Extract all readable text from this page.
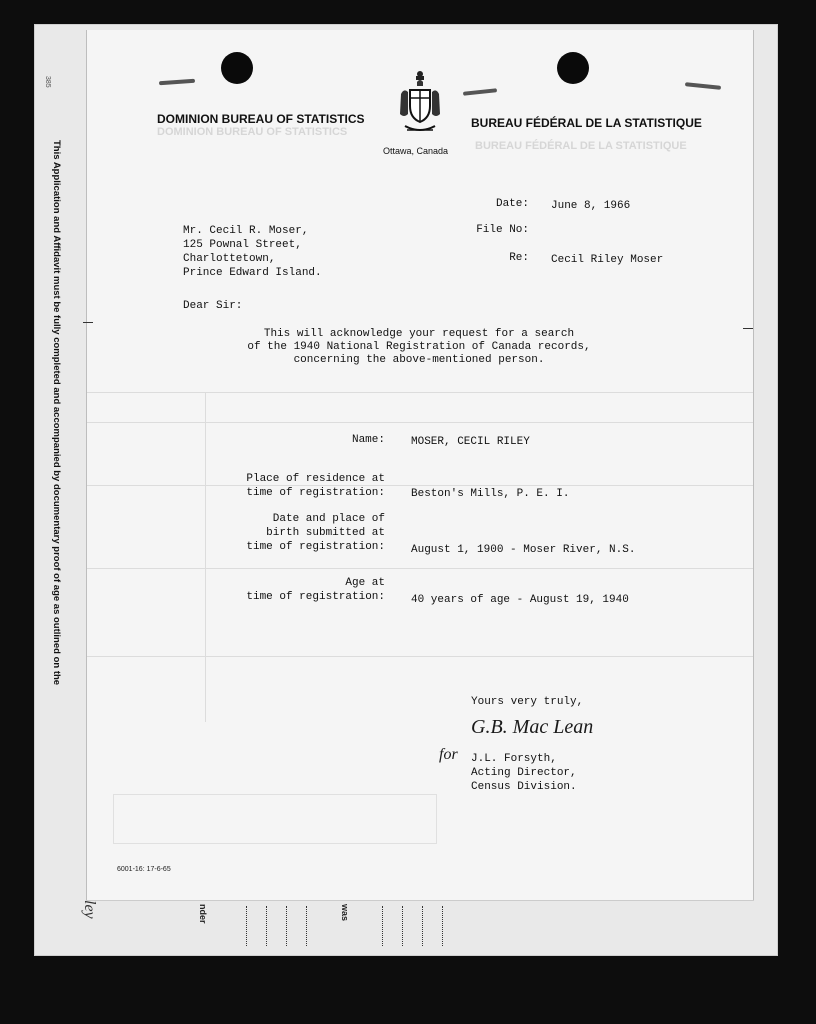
385
This Application and Affidavit must be fully completed and accompanied by documentary proof of age as outlined on the
ley	nder	was
DOMINION BUREAU OF STATISTICS
DOMINION BUREAU OF STATISTICS
BUREAU FÉDÉRAL DE LA STATISTIQUE
BUREAU FÉDÉRAL DE LA STATISTIQUE
Ottawa, Canada
Date: June 8, 1966
File No:
Re: Cecil Riley Moser
Mr. Cecil R. Moser,
125 Pownal Street,
Charlottetown,
Prince Edward Island.
Dear Sir:
This will acknowledge your request for a search
of the 1940 National Registration of Canada records,
concerning the above-mentioned person.
Name: MOSER, CECIL RILEY
Place of residence at
time of registration: Beston's Mills, P. E. I.
Date and place of
birth submitted at
time of registration: August 1, 1900 - Moser River, N.S.
Age at
time of registration: 40 years of age - August 19, 1940
Yours very truly,
G.B. Mac Lean
for J.L. Forsyth,
Acting Director,
Census Division.
6001-16: 17-6-65
